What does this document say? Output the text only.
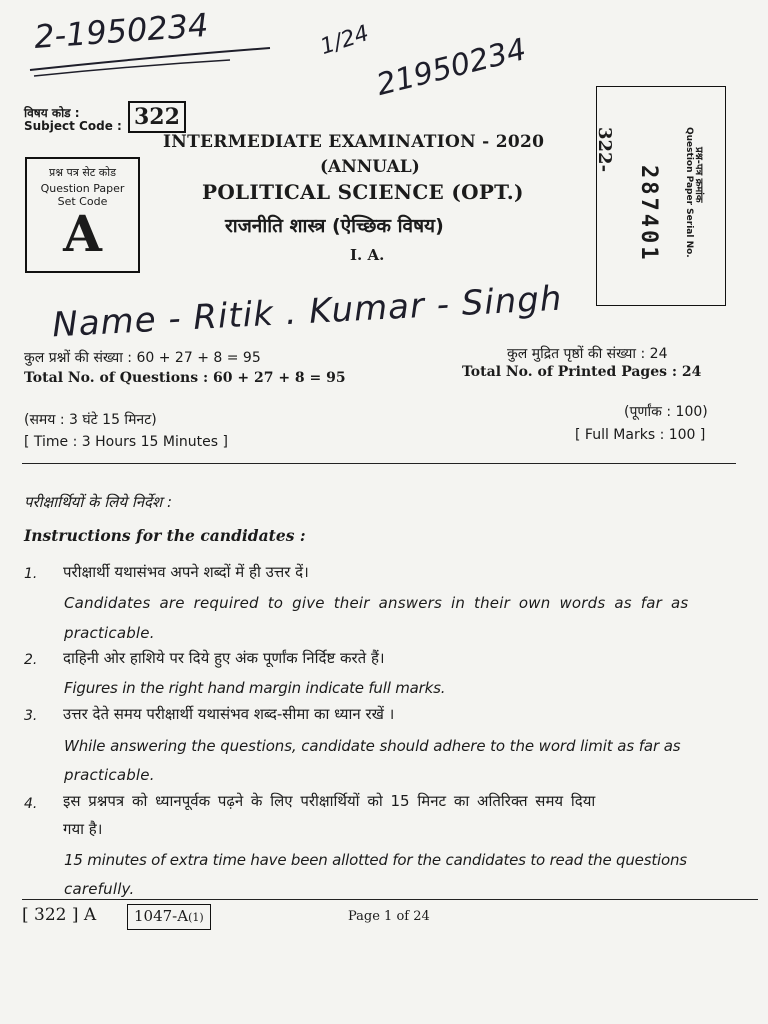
2-1950234	1/24 21950234
Name - Ritik . Kumar - Singh
विषय कोड :
Subject Code : 322
प्रश्न पत्र सेट कोड
Question Paper Set Code
A
INTERMEDIATE EXAMINATION - 2020
(ANNUAL)
POLITICAL SCIENCE (OPT.)
राजनीति शास्त्र (ऐच्छिक विषय)
I. A.
322-
287401	प्रश्न-पत्र क्रमांक
Question Paper Serial No.
कुल प्रश्नों की संख्या : 60 + 27 + 8 = 95
Total No. of Questions : 60 + 27 + 8 = 95
कुल मुद्रित पृष्ठों की संख्या : 24
Total No. of Printed Pages : 24
(समय : 3 घंटे 15 मिनट)
[ Time : 3 Hours 15 Minutes ]
(पूर्णांक : 100)
[ Full Marks : 100 ]
परीक्षार्थियों के लिये निर्देश :
Instructions for the candidates :
1. परीक्षार्थी यथासंभव अपने शब्दों में ही उत्तर दें।
Candidates are required to give their answers in their own words as far as
practicable.
2. दाहिनी ओर हाशिये पर दिये हुए अंक पूर्णांक निर्दिष्ट करते हैं।
Figures in the right hand margin indicate full marks.
3. उत्तर देते समय परीक्षार्थी यथासंभव शब्द-सीमा का ध्यान रखें ।
While answering the questions, candidate should adhere to the word limit as far as
practicable.
4. इस प्रश्नपत्र को ध्यानपूर्वक पढ़ने के लिए परीक्षार्थियों को 15 मिनट का अतिरिक्त समय दिया
गया है।
15 minutes of extra time have been allotted for the candidates to read the questions
carefully.
[ 322 ] A	1047-A(1)	Page 1 of 24
